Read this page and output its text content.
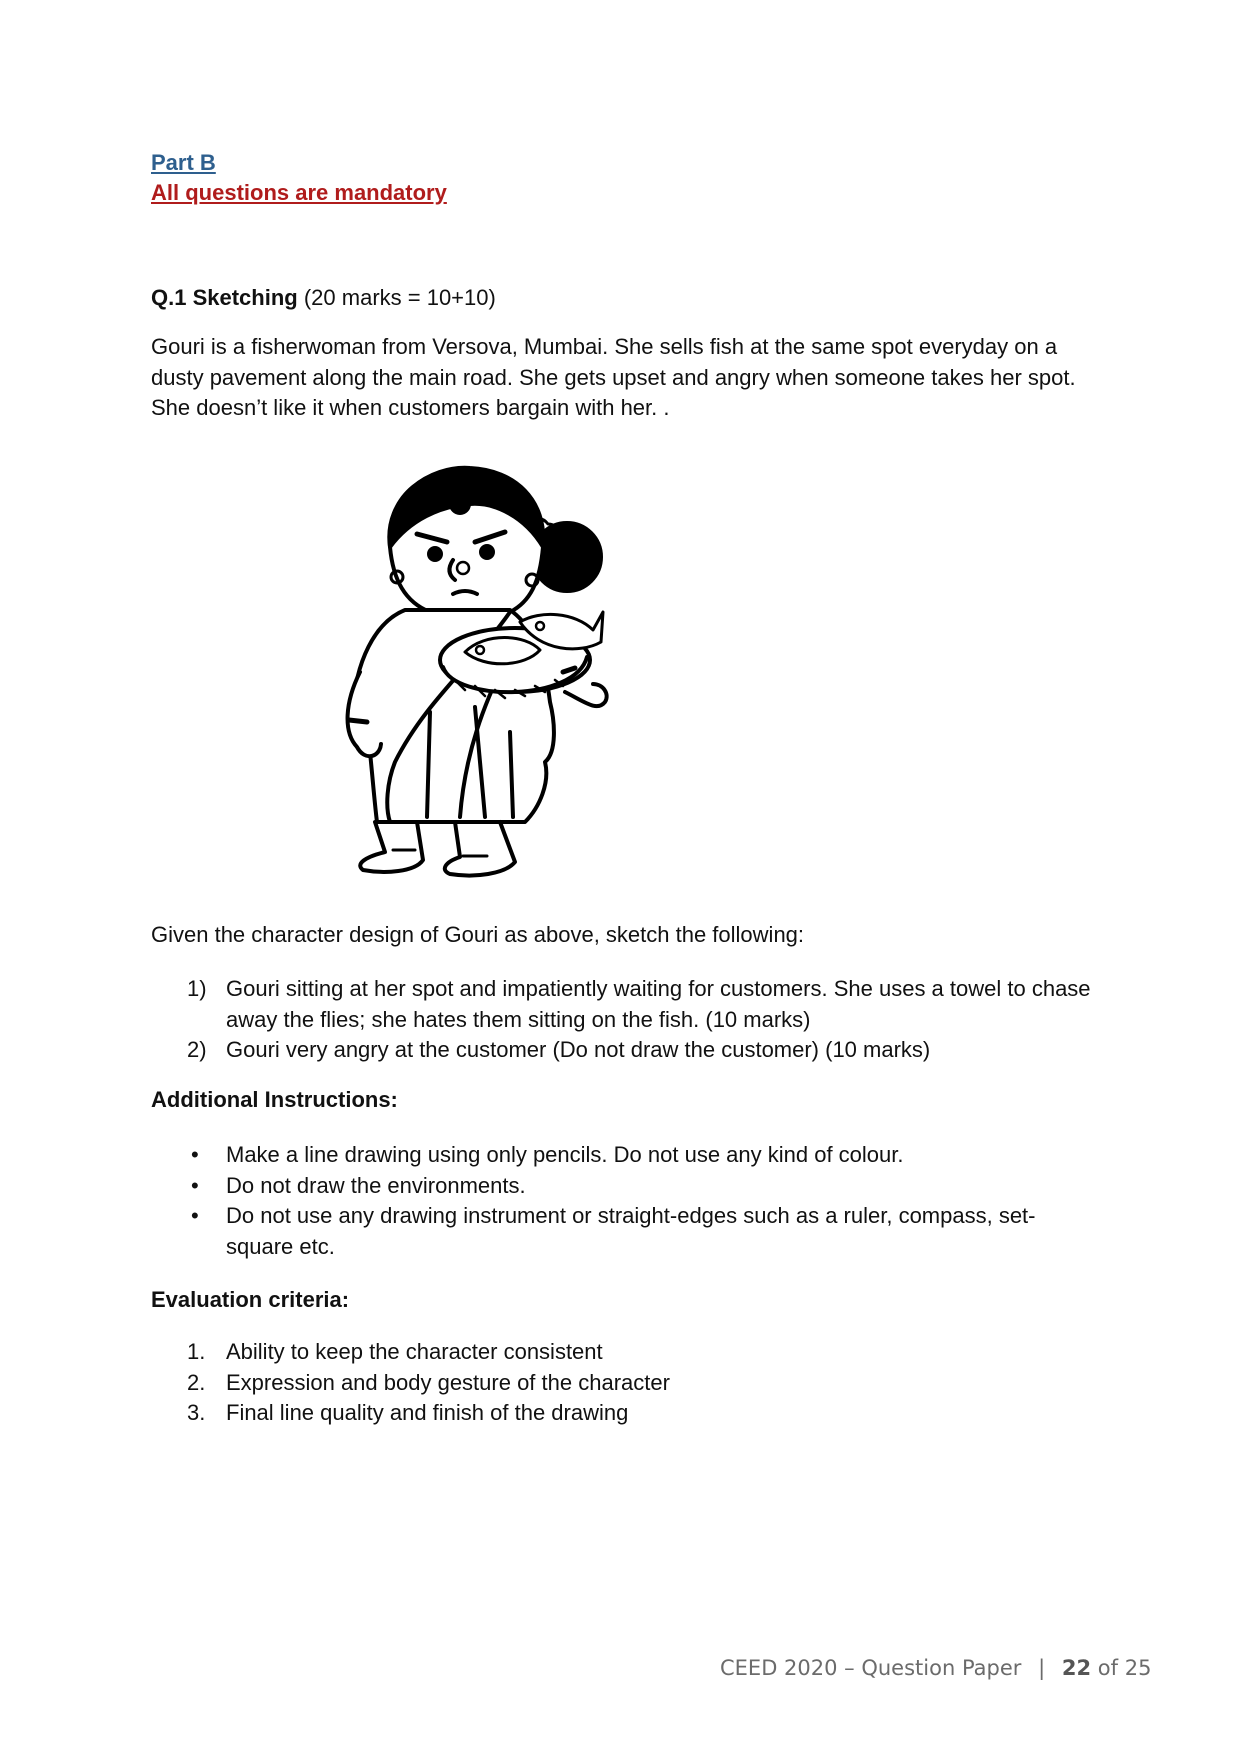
Part B
All questions are mandatory
Q.1 Sketching (20 marks = 10+10)
Gouri is a fisherwoman from Versova, Mumbai. She sells fish at the same spot everyday on a dusty pavement along the main road. She gets upset and angry when someone takes her spot. She doesn’t like it when customers bargain with her. .
Given the character design of Gouri as above, sketch the following:
1) Gouri sitting at her spot and impatiently waiting for customers. She uses a towel to chase away the flies; she hates them sitting on the fish. (10 marks)
2) Gouri very angry at the customer (Do not draw the customer) (10 marks)
Additional Instructions:
• Make a line drawing using only pencils. Do not use any kind of colour.
• Do not draw the environments.
• Do not use any drawing instrument or straight-edges such as a ruler, compass, set-square etc.
Evaluation criteria:
1. Ability to keep the character consistent
2. Expression and body gesture of the character
3. Final line quality and finish of the drawing
CEED 2020 – Question Paper | 22 of 25
